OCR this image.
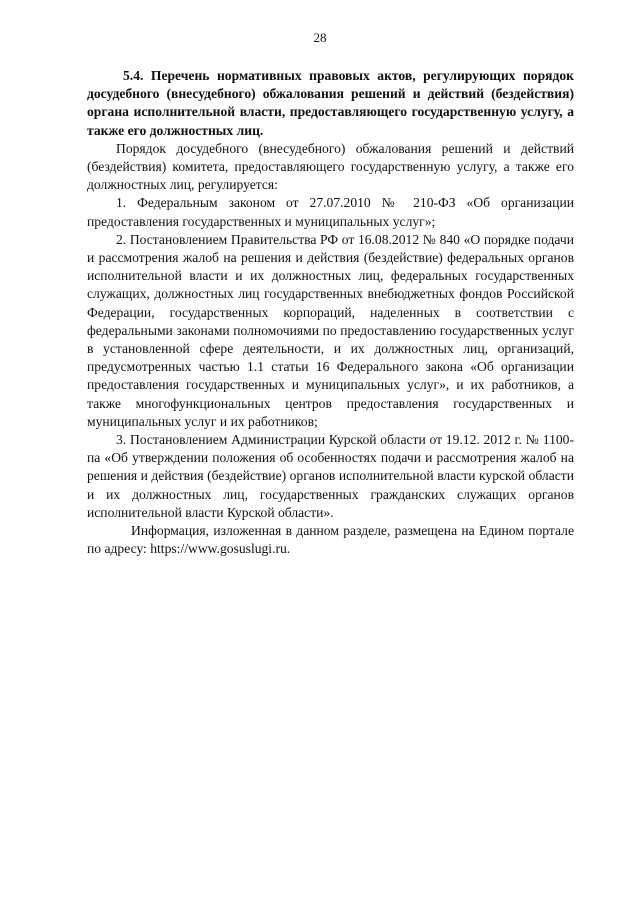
28

5.4. Перечень нормативных правовых актов, регулирующих порядок досудебного (внесудебного) обжалования решений и действий (бездействия) органа исполнительной власти, предоставляющего государственную услугу, а также его должностных лиц.

Порядок досудебного (внесудебного) обжалования решений и действий (бездействия) комитета, предоставляющего государственную услугу, а также его должностных лиц, регулируется:

1. Федеральным законом от 27.07.2010 № 210-ФЗ «Об организации предоставления государственных и муниципальных услуг»;

2. Постановлением Правительства РФ от 16.08.2012 № 840 «О порядке подачи и рассмотрения жалоб на решения и действия (бездействие) федеральных органов исполнительной власти и их должностных лиц, федеральных государственных служащих, должностных лиц государственных внебюджетных фондов Российской Федерации, государственных корпораций, наделенных в соответствии с федеральными законами полномочиями по предоставлению государственных услуг в установленной сфере деятельности, и их должностных лиц, организаций, предусмотренных частью 1.1 статьи 16 Федерального закона «Об организации предоставления государственных и муниципальных услуг», и их работников, а также многофункциональных центров предоставления государственных и муниципальных услуг и их работников;

3. Постановлением Администрации Курской области от 19.12. 2012 г. № 1100-па «Об утверждении положения об особенностях подачи и рассмотрения жалоб на решения и действия (бездействие) органов исполнительной власти курской области и их должностных лиц, государственных гражданских служащих органов исполнительной власти Курской области».

Информация, изложенная в данном разделе, размещена на Едином портале по адресу: https://www.gosuslugi.ru.
